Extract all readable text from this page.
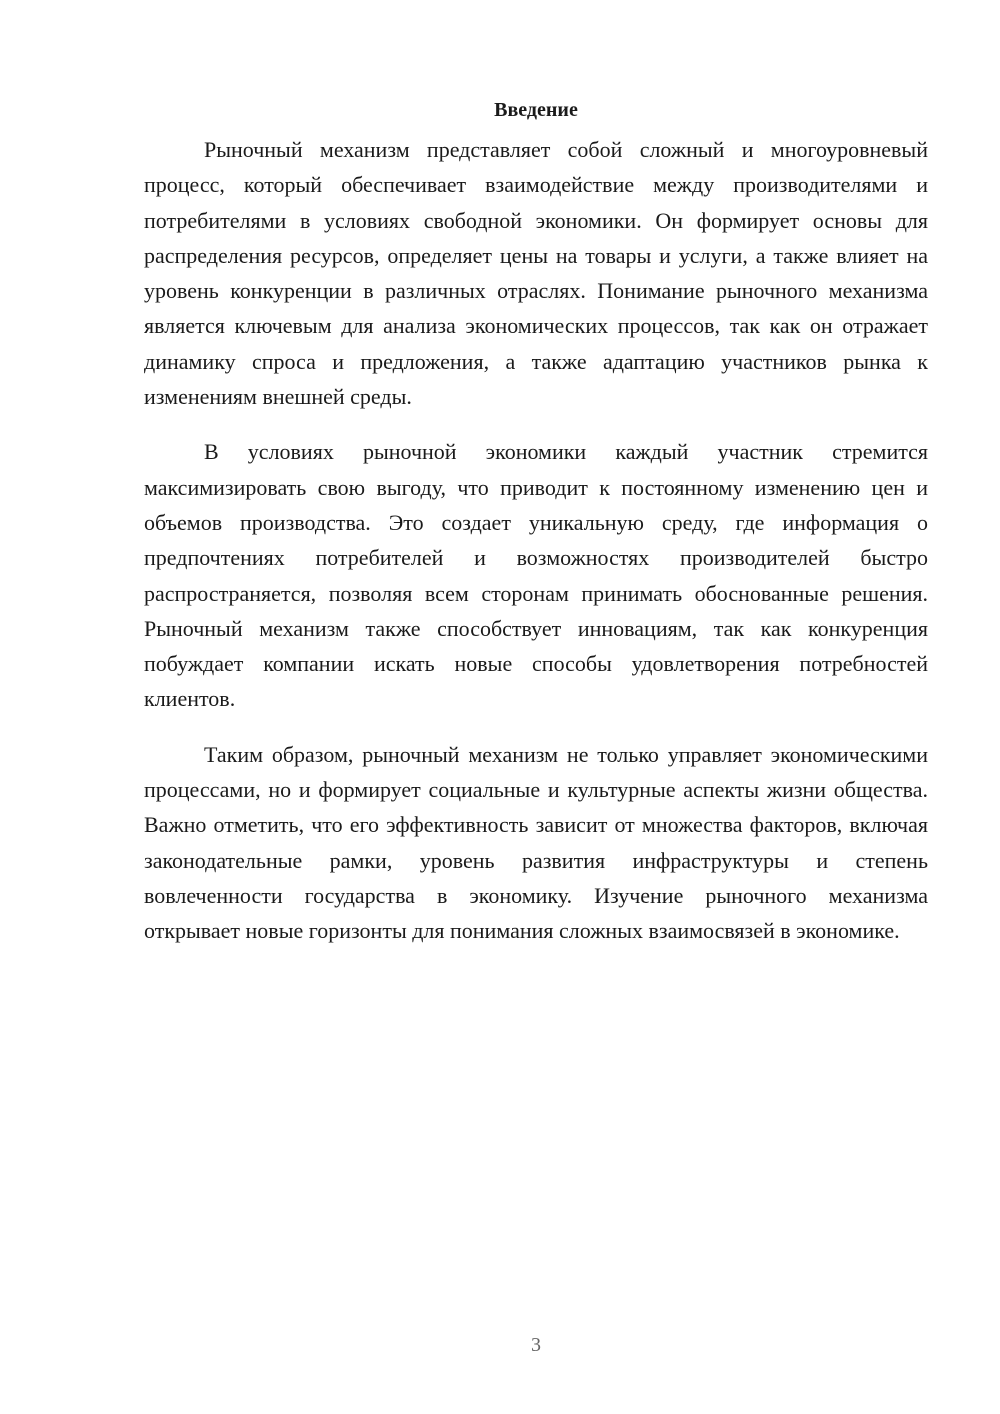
Введение

Рыночный механизм представляет собой сложный и многоуровневый процесс, который обеспечивает взаимодействие между производителями и потребителями в условиях свободной экономики. Он формирует основы для распределения ресурсов, определяет цены на товары и услуги, а также влияет на уровень конкуренции в различных отраслях. Понимание рыночного механизма является ключевым для анализа экономических процессов, так как он отражает динамику спроса и предложения, а также адаптацию участников рынка к изменениям внешней среды.

В условиях рыночной экономики каждый участник стремится максимизировать свою выгоду, что приводит к постоянному изменению цен и объемов производства. Это создает уникальную среду, где информация о предпочтениях потребителей и возможностях производителей быстро распространяется, позволяя всем сторонам принимать обоснованные решения. Рыночный механизм также способствует инновациям, так как конкуренция побуждает компании искать новые способы удовлетворения потребностей клиентов.

Таким образом, рыночный механизм не только управляет экономическими процессами, но и формирует социальные и культурные аспекты жизни общества. Важно отметить, что его эффективность зависит от множества факторов, включая законодательные рамки, уровень развития инфраструктуры и степень вовлеченности государства в экономику. Изучение рыночного механизма открывает новые горизонты для понимания сложных взаимосвязей в экономике.

3
